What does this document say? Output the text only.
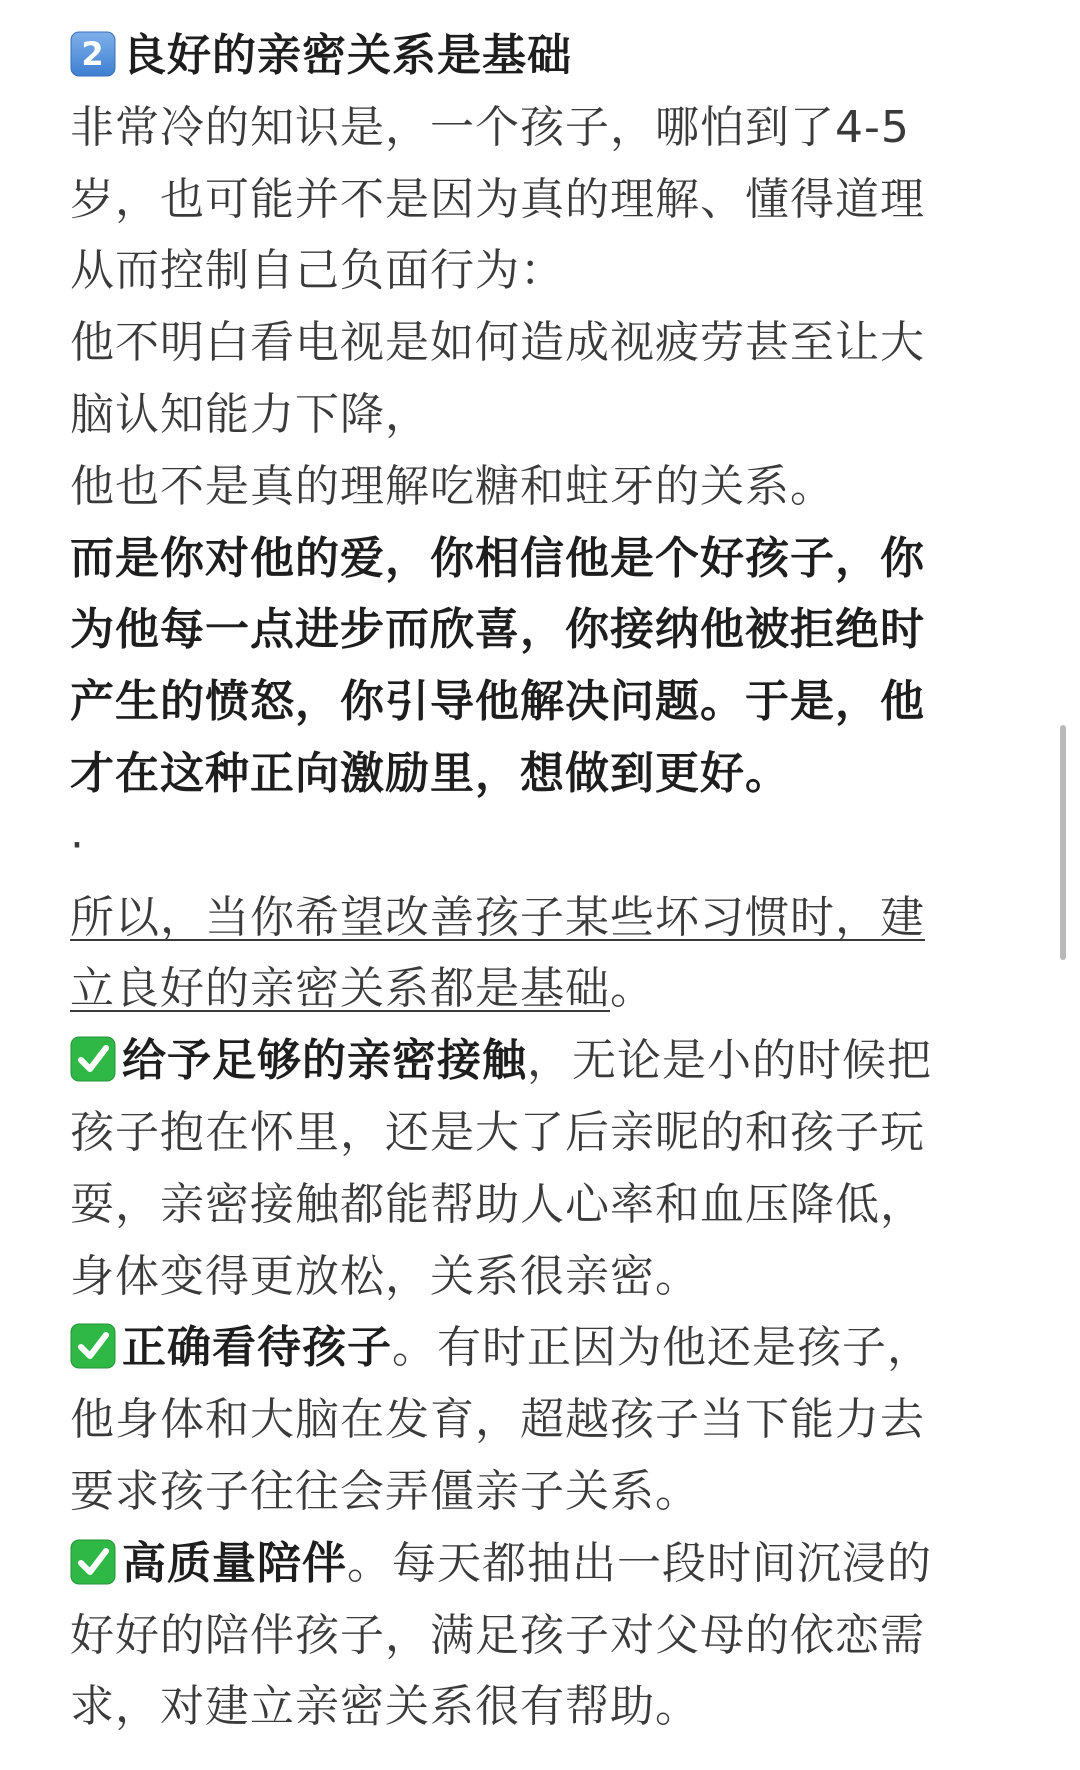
2 良好的亲密关系是基础
非常冷的知识是，一个孩子，哪怕到了4-5
岁，也可能并不是因为真的理解、懂得道理
从而控制自己负面行为：
他不明白看电视是如何造成视疲劳甚至让大
脑认知能力下降，
他也不是真的理解吃糖和蛀牙的关系。
而是你对他的爱，你相信他是个好孩子，你
为他每一点进步而欣喜，你接纳他被拒绝时
产生的愤怒，你引导他解决问题。于是，他
才在这种正向激励里，想做到更好。
·
所以，当你希望改善孩子某些坏习惯时，建
立良好的亲密关系都是基础。
给予足够的亲密接触，无论是小的时候把
孩子抱在怀里，还是大了后亲昵的和孩子玩
耍，亲密接触都能帮助人心率和血压降低，
身体变得更放松，关系很亲密。
正确看待孩子。有时正因为他还是孩子，
他身体和大脑在发育，超越孩子当下能力去
要求孩子往往会弄僵亲子关系。
高质量陪伴。每天都抽出一段时间沉浸的
好好的陪伴孩子，满足孩子对父母的依恋需
求，对建立亲密关系很有帮助。
